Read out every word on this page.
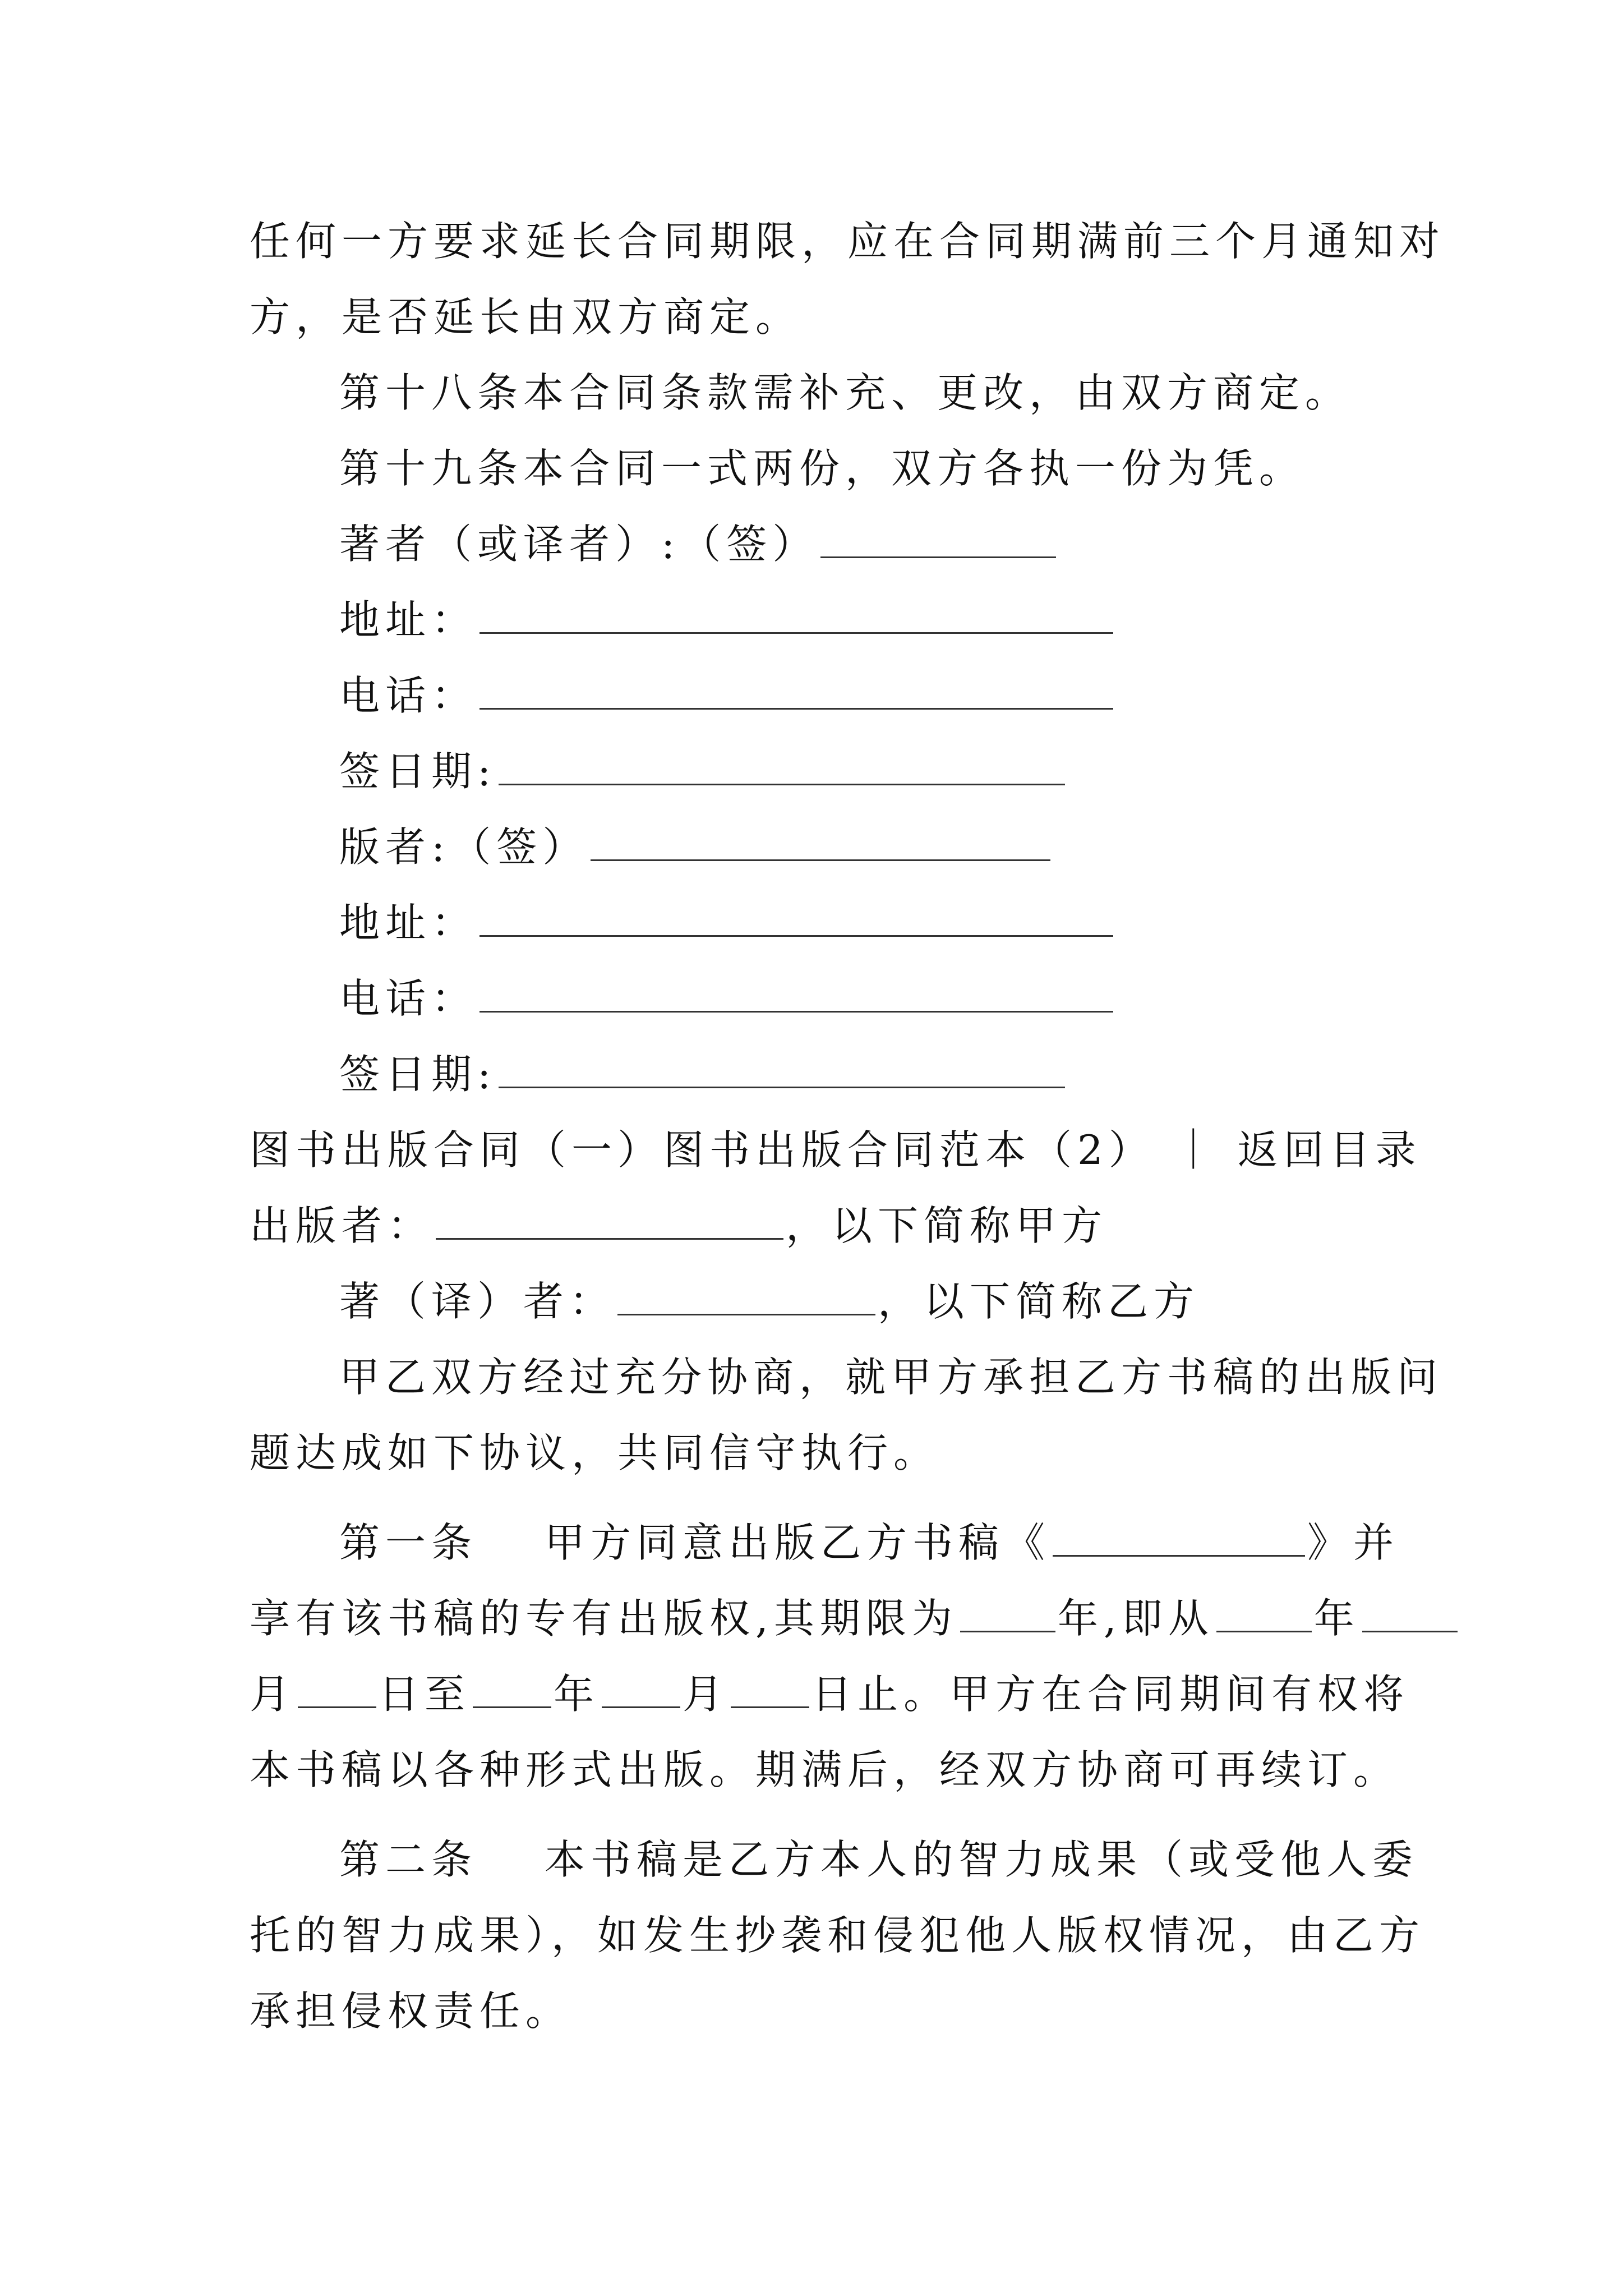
任何一方要求延长合同期限，应在合同期满前三个月通知对
方，是否延长由双方商定。
第十八条本合同条款需补充、更改，由双方商定。
第十九条本合同一式两份，双方各执一份为凭。
著者（或译者）:（签）
地址：
电话：
签日期:
版者:（签）
地址：
电话：
签日期:
图书出版合同（一）图书出版合同范本（2） ｜ 返回目录
出版者：	，以下简称甲方
著（译）者：	，以下简称乙方
甲乙双方经过充分协商，就甲方承担乙方书稿的出版问
题达成如下协议，共同信守执行。
第一条 甲方同意出版乙方书稿《	》并
享有该书稿的专有出版权,其期限为 年,即从 年
月 日至 年 月 日止。甲方在合同期间有权将
本书稿以各种形式出版。期满后，经双方协商可再续订。
第二条 本书稿是乙方本人的智力成果（或受他人委
托的智力成果），如发生抄袭和侵犯他人版权情况，由乙方
承担侵权责任。
